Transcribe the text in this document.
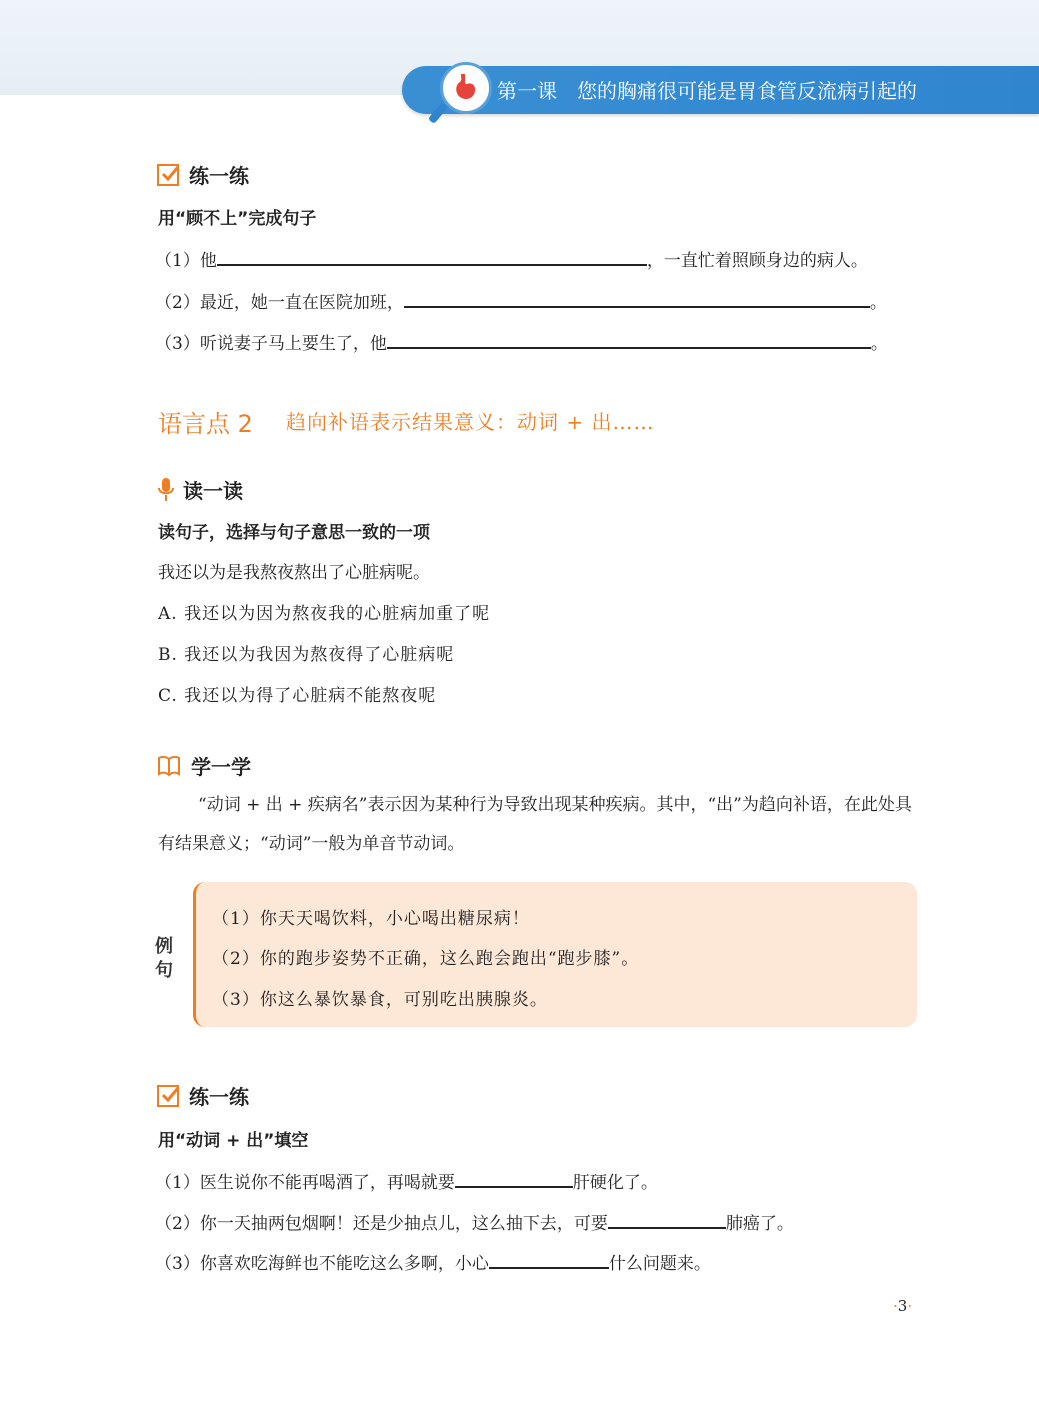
第一课 您的胸痛很可能是胃食管反流病引起的
练一练
用“顾不上”完成句子
（1）他	，一直忙着照顾身边的病人。
（2）最近，她一直在医院加班，	。
（3）听说妻子马上要生了，他	。
语言点 2 趋向补语表示结果意义：动词 + 出……
读一读
读句子，选择与句子意思一致的一项
我还以为是我熬夜熬出了心脏病呢。
A. 我还以为因为熬夜我的心脏病加重了呢
B. 我还以为我因为熬夜得了心脏病呢
C. 我还以为得了心脏病不能熬夜呢
学一学
“动词 + 出 + 疾病名”表示因为某种行为导致出现某种疾病。其中，“出”为趋向补语，在此处具有结果意义；“动词”一般为单音节动词。
例句
（1）你天天喝饮料，小心喝出糖尿病！
（2）你的跑步姿势不正确，这么跑会跑出“跑步膝”。
（3）你这么暴饮暴食，可别吃出胰腺炎。
练一练
用“动词 + 出”填空
（1）医生说你不能再喝酒了，再喝就要	肝硬化了。
（2）你一天抽两包烟啊！还是少抽点儿，这么抽下去，可要	肺癌了。
（3）你喜欢吃海鲜也不能吃这么多啊，小心	什么问题来。
·3·
